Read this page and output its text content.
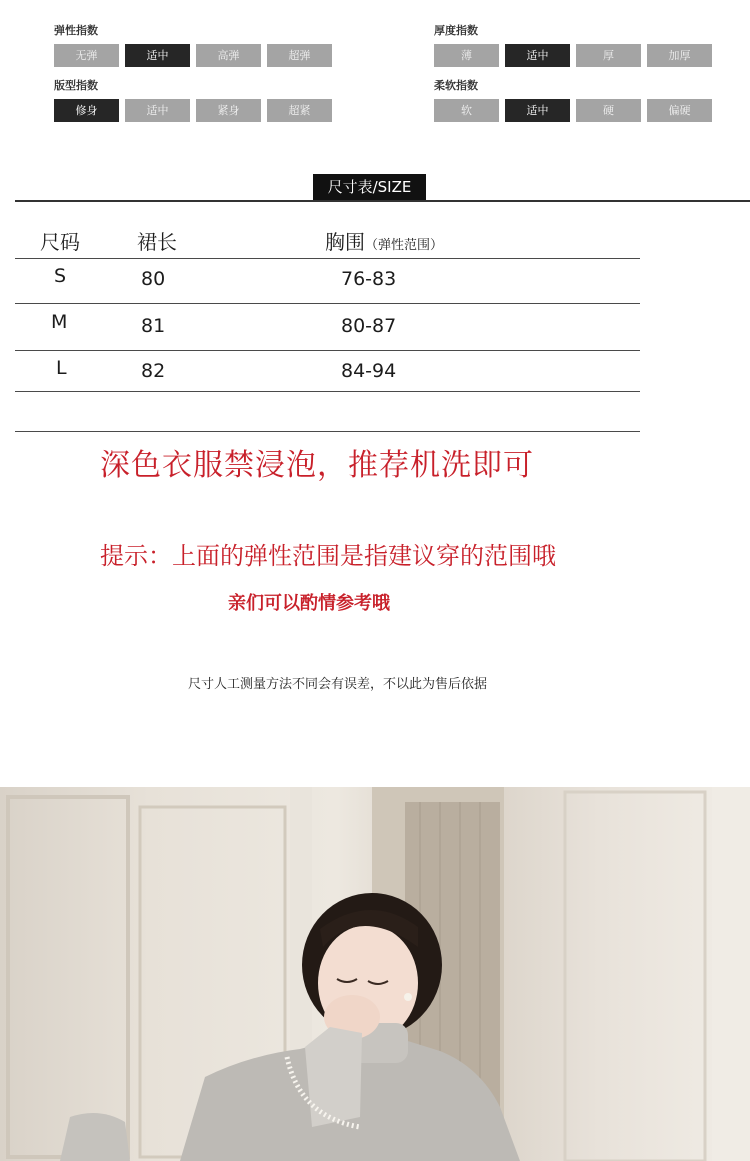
弹性指数
无弹	适中	高弹	超弹
厚度指数
薄	适中	厚	加厚
版型指数
修身	适中	紧身	超紧
柔软指数
软	适中	硬	偏硬
尺寸表/SIZE
尺码	裙长	胸围（弹性范围）
S	80	76-83
M	81	80-87
L	82	84-94
深色衣服禁浸泡，推荐机洗即可
提示：上面的弹性范围是指建议穿的范围哦
亲们可以酌情参考哦
尺寸人工测量方法不同会有误差，不以此为售后依据
